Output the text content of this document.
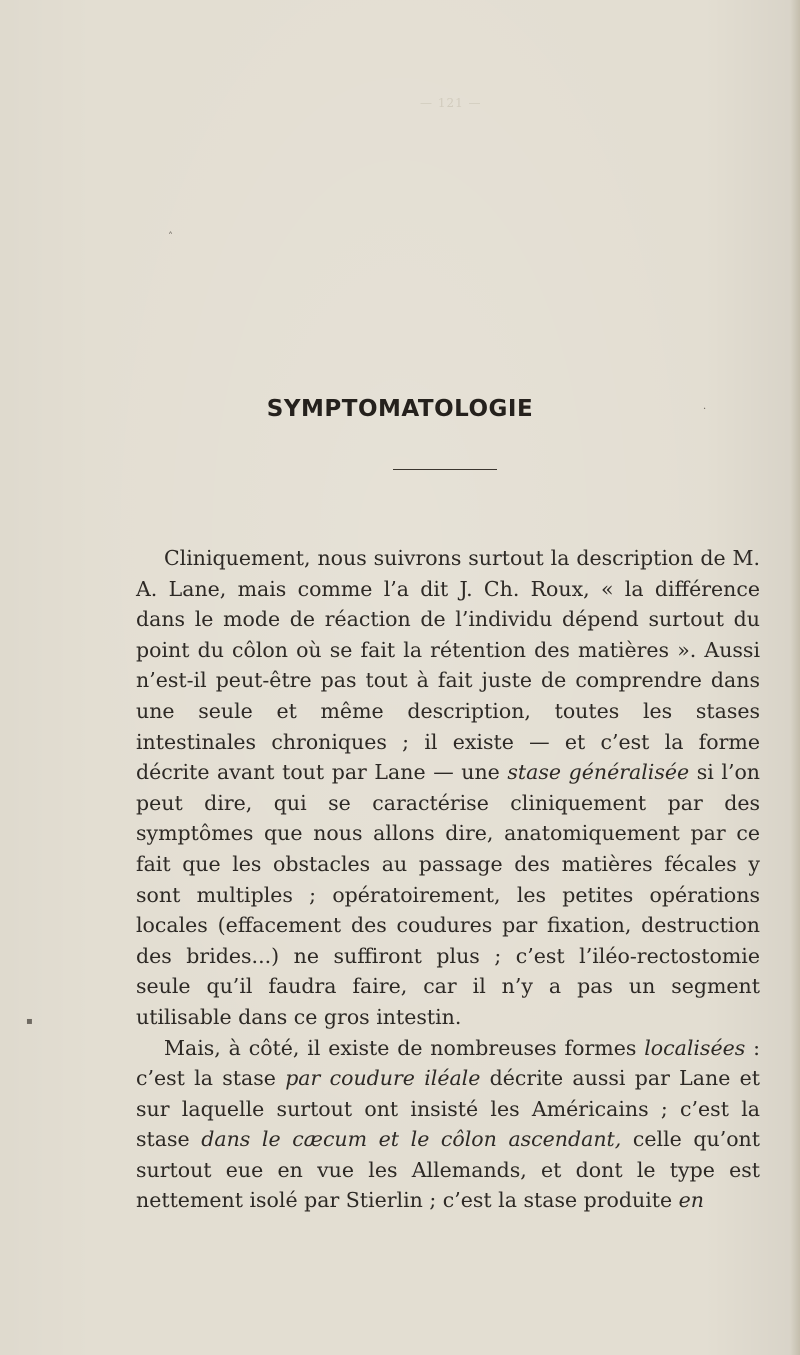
— 121 —
˄
▪
·
SYMPTOMATOLOGIE

Cliniquement, nous suivrons surtout la description de M. A. Lane, mais comme l’a dit J. Ch. Roux, « la différence dans le mode de réaction de l’individu dépend surtout du point du côlon où se fait la rétention des matières ». Aussi n’est-il peut-être pas tout à fait juste de comprendre dans une seule et même description, toutes les stases intestinales chroniques ; il existe — et c’est la forme décrite avant tout par Lane — une stase généralisée si l’on peut dire, qui se caractérise cliniquement par des symptômes que nous allons dire, anatomiquement par ce fait que les obstacles au passage des matières fécales y sont multiples ; opératoirement, les petites opérations locales (effacement des coudures par fixation, destruction des brides...) ne suffiront plus ; c’est l’iléo-rectostomie seule qu’il faudra faire, car il n’y a pas un segment utilisable dans ce gros intestin.

Mais, à côté, il existe de nombreuses formes localisées : c’est la stase par coudure iléale décrite aussi par Lane et sur laquelle surtout ont insisté les Américains ; c’est la stase dans le cæcum et le côlon ascendant, celle qu’ont surtout eue en vue les Allemands, et dont le type est nettement isolé par Stierlin ; c’est la stase produite en
